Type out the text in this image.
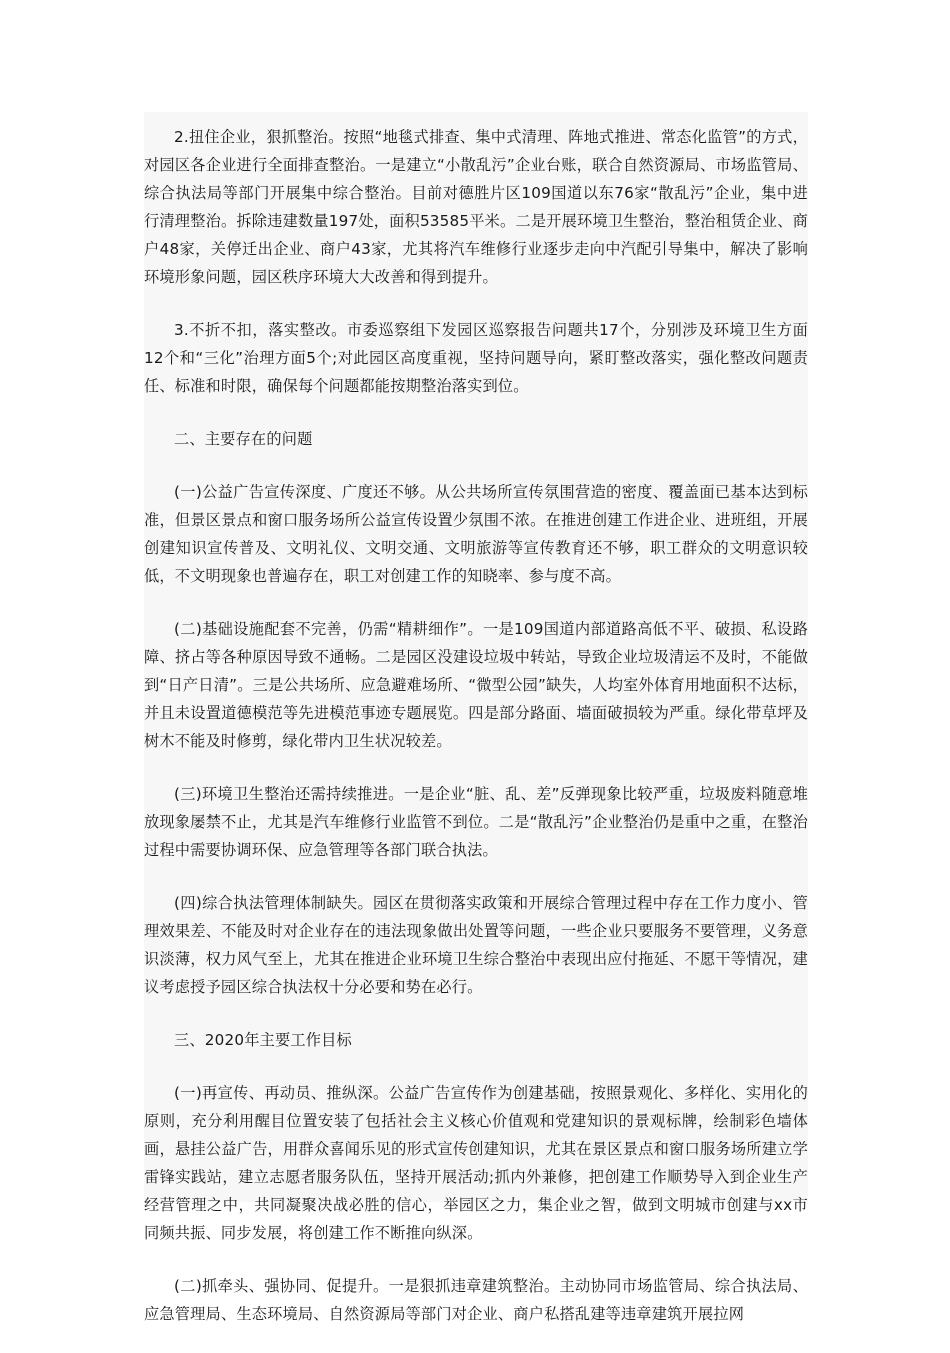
2.扭住企业，狠抓整治。按照“地毯式排查、集中式清理、阵地式推进、常态化监管”的方式，对园区各企业进行全面排查整治。一是建立“小散乱污”企业台账，联合自然资源局、市场监管局、综合执法局等部门开展集中综合整治。目前对德胜片区109国道以东76家“散乱污”企业，集中进行清理整治。拆除违建数量197处，面积53585平米。二是开展环境卫生整治，整治租赁企业、商户48家，关停迁出企业、商户43家，尤其将汽车维修行业逐步走向中汽配引导集中，解决了影响环境形象问题，园区秩序环境大大改善和得到提升。

3.不折不扣，落实整改。市委巡察组下发园区巡察报告问题共17个，分别涉及环境卫生方面12个和“三化”治理方面5个;对此园区高度重视，坚持问题导向，紧盯整改落实，强化整改问题责任、标准和时限，确保每个问题都能按期整治落实到位。

二、主要存在的问题

(一)公益广告宣传深度、广度还不够。从公共场所宣传氛围营造的密度、覆盖面已基本达到标准，但景区景点和窗口服务场所公益宣传设置少氛围不浓。在推进创建工作进企业、进班组，开展创建知识宣传普及、文明礼仪、文明交通、文明旅游等宣传教育还不够，职工群众的文明意识较低，不文明现象也普遍存在，职工对创建工作的知晓率、参与度不高。

(二)基础设施配套不完善，仍需“精耕细作”。一是109国道内部道路高低不平、破损、私设路障、挤占等各种原因导致不通畅。二是园区没建设垃圾中转站，导致企业垃圾清运不及时，不能做到“日产日清”。三是公共场所、应急避难场所、“微型公园”缺失，人均室外体育用地面积不达标，并且未设置道德模范等先进模范事迹专题展览。四是部分路面、墙面破损较为严重。绿化带草坪及树木不能及时修剪，绿化带内卫生状况较差。

(三)环境卫生整治还需持续推进。一是企业“脏、乱、差”反弹现象比较严重，垃圾废料随意堆放现象屡禁不止，尤其是汽车维修行业监管不到位。二是“散乱污”企业整治仍是重中之重，在整治过程中需要协调环保、应急管理等各部门联合执法。

(四)综合执法管理体制缺失。园区在贯彻落实政策和开展综合管理过程中存在工作力度小、管理效果差、不能及时对企业存在的违法现象做出处置等问题，一些企业只要服务不要管理，义务意识淡薄，权力风气至上，尤其在推进企业环境卫生综合整治中表现出应付拖延、不愿干等情况，建议考虑授予园区综合执法权十分必要和势在必行。

三、2020年主要工作目标

(一)再宣传、再动员、推纵深。公益广告宣传作为创建基础，按照景观化、多样化、实用化的原则，充分利用醒目位置安装了包括社会主义核心价值观和党建知识的景观标牌，绘制彩色墙体画，悬挂公益广告，用群众喜闻乐见的形式宣传创建知识，尤其在景区景点和窗口服务场所建立学雷锋实践站，建立志愿者服务队伍，坚持开展活动;抓内外兼修，把创建工作顺势导入到企业生产经营管理之中，共同凝聚决战必胜的信心，举园区之力，集企业之智，做到文明城市创建与xx市同频共振、同步发展，将创建工作不断推向纵深。

(二)抓牵头、强协同、促提升。一是狠抓违章建筑整治。主动协同市场监管局、综合执法局、应急管理局、生态环境局、自然资源局等部门对企业、商户私搭乱建等违章建筑开展拉网
